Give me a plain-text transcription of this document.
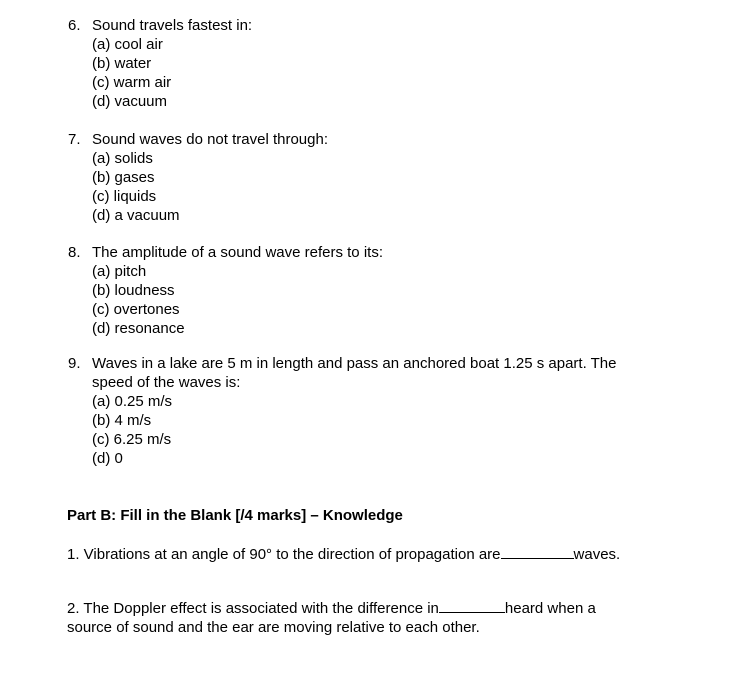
6. Sound travels fastest in:
(a) cool air
(b) water
(c) warm air
(d) vacuum
7. Sound waves do not travel through:
(a) solids
(b) gases
(c) liquids
(d) a vacuum
8. The amplitude of a sound wave refers to its:
(a) pitch
(b) loudness
(c) overtones
(d) resonance
9. Waves in a lake are 5 m in length and pass an anchored boat 1.25 s apart. The
speed of the waves is:
(a) 0.25 m/s
(b) 4 m/s
(c) 6.25 m/s
(d) 0
Part B: Fill in the Blank [/4 marks] – Knowledge
1. Vibrations at an angle of 90° to the direction of propagation are	waves.
2. The Doppler effect is associated with the difference in	heard when a
source of sound and the ear are moving relative to each other.
